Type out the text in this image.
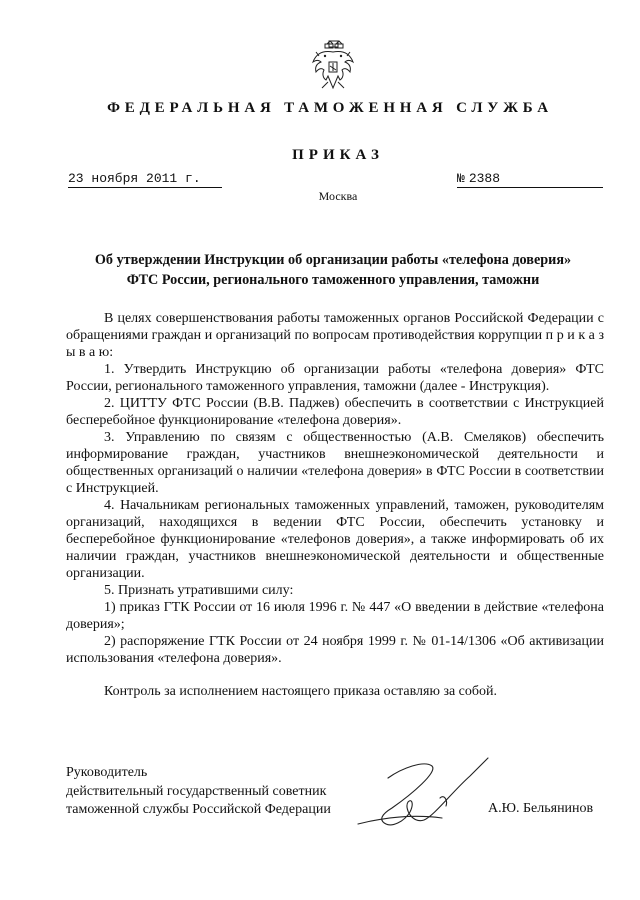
ФЕДЕРАЛЬНАЯ ТАМОЖЕННАЯ СЛУЖБА
ПРИКАЗ
23 ноября 2011 г.	№ 2388
Москва
Об утверждении Инструкции об организации работы «телефона доверия»
ФТС России, регионального таможенного управления, таможни

В целях совершенствования работы таможенных органов Российской Федерации с обращениями граждан и организаций по вопросам противодействия коррупции п р и к а з ы в а ю:

1. Утвердить Инструкцию об организации работы «телефона доверия» ФТС России, регионального таможенного управления, таможни (далее - Инструкция).

2. ЦИТТУ ФТС России (В.В. Паджев) обеспечить в соответствии с Инструкцией бесперебойное функционирование «телефона доверия».

3. Управлению по связям с общественностью (А.В. Смеляков) обеспечить информирование граждан, участников внешнеэкономической деятельности и общественных организаций о наличии «телефона доверия» в ФТС России в соответствии с Инструкцией.

4. Начальникам региональных таможенных управлений, таможен, руководителям организаций, находящихся в ведении ФТС России, обеспечить установку и бесперебойное функционирование «телефонов доверия», а также информировать об их наличии граждан, участников внешнеэкономической деятельности и общественные организации.

5. Признать утратившими силу:

1) приказ ГТК России от 16 июля 1996 г. № 447 «О введении в действие «телефона доверия»;

2) распоряжение ГТК России от 24 ноября 1999 г. № 01-14/1306 «Об активизации использования «телефона доверия».

Контроль за исполнением настоящего приказа оставляю за собой.

Руководитель
действительный государственный советник
таможенной службы Российской Федерации	А.Ю. Бельянинов
